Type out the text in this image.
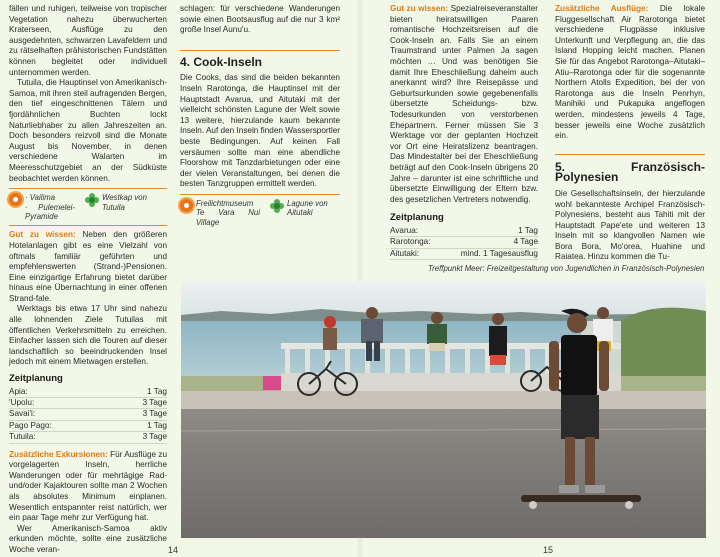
fällen und ruhigen, teilweise von tropischer Vegetation nahezu überwucherten Kraterseen, Ausflüge zu den ausgedehnten, schwarzen Lavafeldern und zu rätselhaften prähistorischen Fundstätten können begleitet oder individuell unternommen werden.

Tutuila, die Hauptinsel von Amerikanisch-Samoa, mit ihren steil aufragenden Bergen, den tief eingeschnittenen Tälern und fjordähnlichen Buchten lockt Naturliebhaber zu allen Jahreszeiten an. Doch besonders reizvoll sind die Monate August bis November, in denen verschiedene Walarten im Meeresschutzgebiet an der Südküste beobachtet werden können.

· Vailima
· Pulemelei-Pyramide
Westkap von
Tutuila

Gut zu wissen: Neben den größeren Hotelanlagen gibt es eine Vielzahl von oftmals familiär geführten und empfehlenswerten (Strand-)Pensionen. Eine einzigartige Erfahrung bietet darüber hinaus eine Übernachtung in einer offenen Strand-fale.

Werktags bis etwa 17 Uhr sind nahezu alle lohnenden Ziele Tutuilas mit öffentlichen Verkehrsmitteln zu erreichen. Einfacher lassen sich die Touren auf dieser landschaftlich so beeindruckenden Insel jedoch mit einem Mietwagen erstellen.

Zeitplanung
Apia:	1 Tag
'Upolu:	3 Tage
Savai'i:	3 Tage
Pago Pago:	1 Tag
Tutuila:	3 Tage

Zusätzliche Exkursionen: Für Ausflüge zu vorgelagerten Inseln, herrliche Wanderungen oder für mehrtägige Rad- und/oder Kajaktouren sollte man 2 Wochen als absolutes Minimum einplanen. Wesentlich entspannter reist natürlich, wer ein paar Tage mehr zur Verfügung hat.

Wer Amerikanisch-Samoa aktiv erkunden möchte, sollte eine zusätzliche Woche veran-

schlagen: für verschiedene Wanderungen sowie einen Bootsausflug auf die nur 3 km² große Insel Aunu'u.

4. Cook-Inseln

Die Cooks, das sind die beiden bekannten Inseln Rarotonga, die Hauptinsel mit der Hauptstadt Avarua, und Aitutaki mit der vielleicht schönsten Lagune der Welt sowie 13 weitere, hierzulande kaum bekannte Inseln. Auf den Inseln finden Wassersportler beste Bedingungen. Auf keinen Fall versäumen sollte man eine abendliche Floorshow mit Tanzdarbietungen oder eine der vielen Veranstaltungen, bei denen die besten Tanzgruppen ermittelt werden.

Freilichtmuseum
Te Vara Nui Village
Lagune von
Aitutaki
14

Gut zu wissen: Spezialreiseveranstalter bieten heiratswilligen Paaren romantische Hochzeitsreisen auf die Cook-Inseln an. Falls Sie an einem Traumstrand unter Palmen Ja sagen möchten … Und was benötigen Sie damit Ihre Eheschließung daheim auch anerkannt wird? Ihre Reisepässe und Geburtsurkunden sowie gegebenenfalls übersetzte Scheidungs- bzw. Todesurkunden von verstorbenen Ehepartnern. Ferner müssen Sie 3 Werktage vor der geplanten Hochzeit vor Ort eine Heiratslizenz beantragen. Das Mindestalter bei der Eheschließung beträgt auf den Cook-Inseln übrigens 20 Jahre – darunter ist eine schriftliche und übersetzte Einwilligung der Eltern bzw. des gesetzlichen Vertreters notwendig.

Zeitplanung
Avarua:	1 Tag
Rarotonga:	4 Tage
Aitutaki:	mind. 1 Tagesausflug

Zusätzliche Ausflüge: Die lokale Fluggesellschaft Air Rarotonga bietet verschiedene Flugpässe inklusive Unterkunft und Verpflegung an, die das Island Hopping leicht machen. Planen Sie für das Angebot Rarotonga–Aitutaki–Atiu–Rarotonga oder für die sogenannte Northern Atolls Expedition, bei der von Rarotonga aus die Inseln Penrhyn, Manihiki und Pukapuka angeflogen werden, mindestens jeweils 4 Tage, besser jeweils eine Woche zusätzlich ein.

5. Französisch-Polynesien

Die Gesellschaftsinseln, der hierzulande wohl bekannteste Archipel Französisch-Polynesiens, besteht aus Tahiti mit der Hauptstadt Pape'ete und weiteren 13 Inseln mit so klangvollen Namen wie Bora Bora, Mo'orea, Huahine und Raiatea. Hinzu kommen die Tu-

15
Treffpunkt Meer: Freizeitgestaltung von Jugendlichen in Französisch-Polynesien
